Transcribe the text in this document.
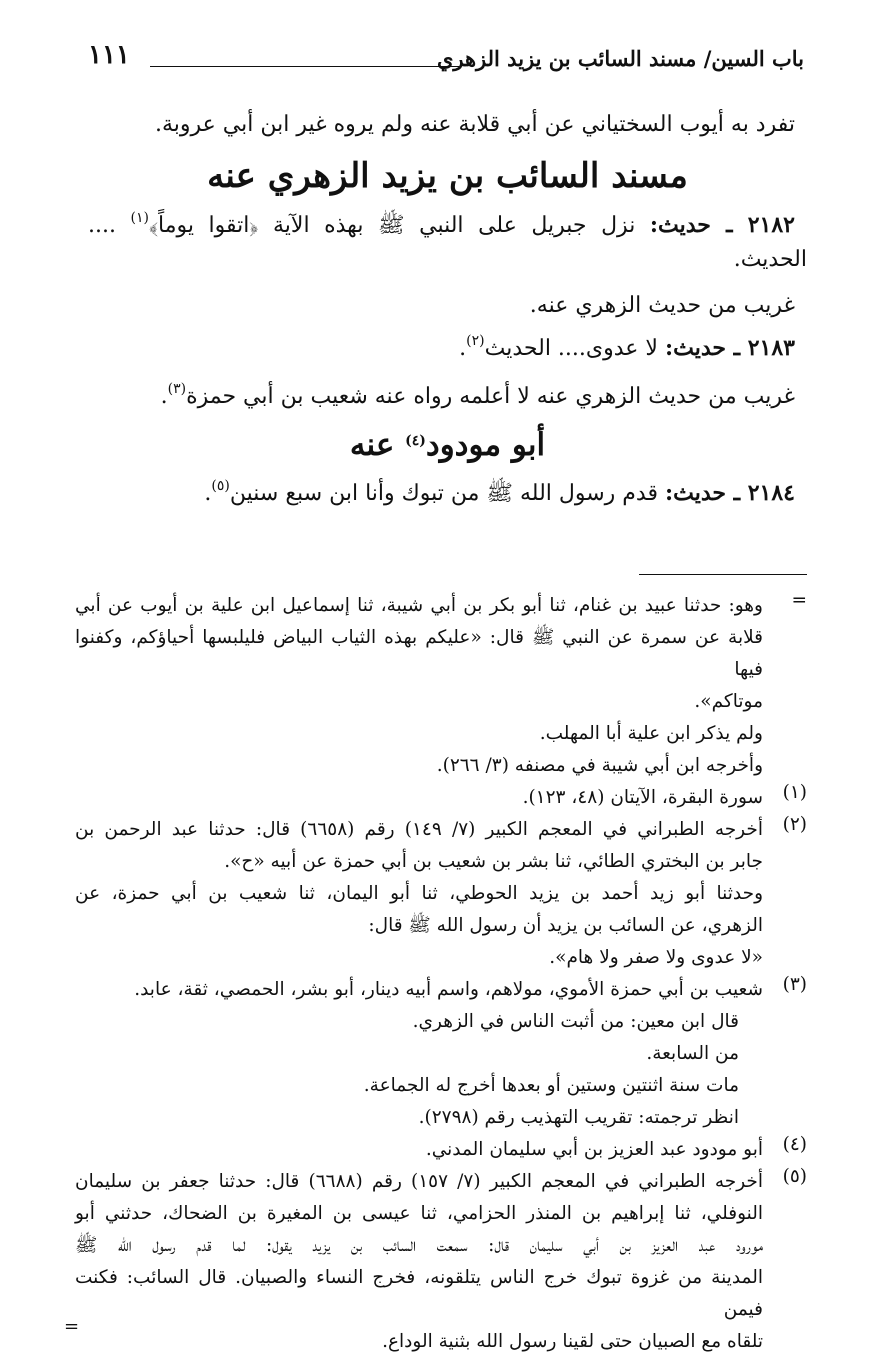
باب السين/ مسند السائب بن يزيد الزهري
١١١
تفرد به أيوب السختياني عن أبي قلابة عنه ولم يروه غير ابن أبي عروبة.
مسند السائب بن يزيد الزهري عنه
٢١٨٢ ـ حديث: نزل جبريل على النبي ﷺ بهذه الآية ﴿اتقوا يوماً﴾$^{(١)}$ ....
الحديث.
غريب من حديث الزهري عنه.
٢١٨٣ ـ حديث: لا عدوى.... الحديث$^{(٢)}$.
غريب من حديث الزهري عنه لا أعلمه رواه عنه شعيب بن أبي حمزة$^{(٣)}$.
أبو مودود$^{(٤)}$ عنه
٢١٨٤ ـ حديث: قدم رسول الله ﷺ من تبوك وأنا ابن سبع سنين$^{(٥)}$.
=
وهو: حدثنا عبيد بن غنام، ثنا أبو بكر بن أبي شيبة، ثنا إسماعيل ابن علية بن أيوب عن أبي
قلابة عن سمرة عن النبي ﷺ قال: «عليكم بهذه الثياب البياض فليلبسها أحياؤكم، وكفنوا فيها
موتاكم».
ولم يذكر ابن علية أبا المهلب.
وأخرجه ابن أبي شيبة في مصنفه (٣/ ٢٦٦).
(١)
سورة البقرة، الآيتان (٤٨، ١٢٣).
(٢)
أخرجه الطبراني في المعجم الكبير (٧/ ١٤٩) رقم (٦٦٥٨) قال: حدثنا عبد الرحمن بن
جابر بن البختري الطائي، ثنا بشر بن شعيب بن أبي حمزة عن أبيه «ح».
وحدثنا أبو زيد أحمد بن يزيد الحوطي، ثنا أبو اليمان، ثنا شعيب بن أبي حمزة، عن
الزهري، عن السائب بن يزيد أن رسول الله ﷺ قال:
«لا عدوى ولا صفر ولا هام».
(٣)
شعيب بن أبي حمزة الأموي، مولاهم، واسم أبيه دينار، أبو بشر، الحمصي، ثقة، عابد.
قال ابن معين: من أثبت الناس في الزهري.
من السابعة.
مات سنة اثنتين وستين أو بعدها أخرج له الجماعة.
انظر ترجمته: تقريب التهذيب رقم (٢٧٩٨).
(٤)
أبو مودود عبد العزيز بن أبي سليمان المدني.
(٥)
أخرجه الطبراني في المعجم الكبير (٧/ ١٥٧) رقم (٦٦٨٨) قال: حدثنا جعفر بن سليمان
النوفلي، ثنا إبراهيم بن المنذر الحزامي، ثنا عيسى بن المغيرة بن الضحاك، حدثني أبو
مورود عبد العزيز بن أبي سليمان قال: سمعت السائب بن يزيد يقول: لما قدم رسول الله ﷺ
المدينة من غزوة تبوك خرج الناس يتلقونه، فخرج النساء والصبيان. قال السائب: فكنت فيمن
تلقاه مع الصبيان حتى لقينا رسول الله بثنية الوداع.
=
